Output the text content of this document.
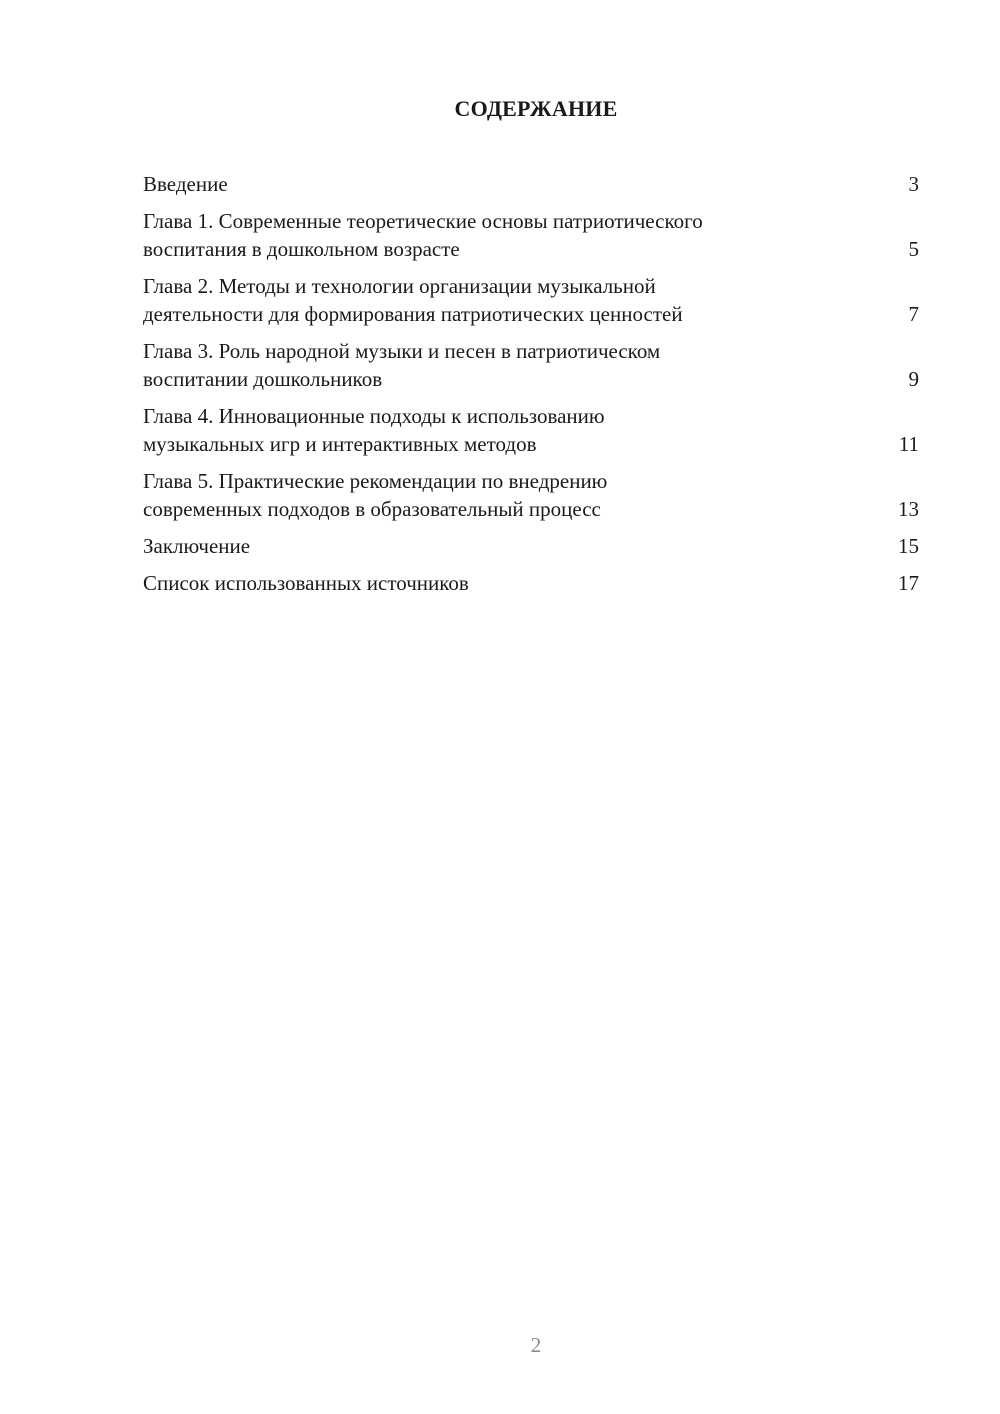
СОДЕРЖАНИЕ
Введение	3
Глава 1. Современные теоретические основы патриотического
воспитания в дошкольном возрасте	5
Глава 2. Методы и технологии организации музыкальной
деятельности для формирования патриотических ценностей	7
Глава 3. Роль народной музыки и песен в патриотическом
воспитании дошкольников	9
Глава 4. Инновационные подходы к использованию
музыкальных игр и интерактивных методов	11
Глава 5. Практические рекомендации по внедрению
современных подходов в образовательный процесс	13
Заключение	15
Список использованных источников	17
2
